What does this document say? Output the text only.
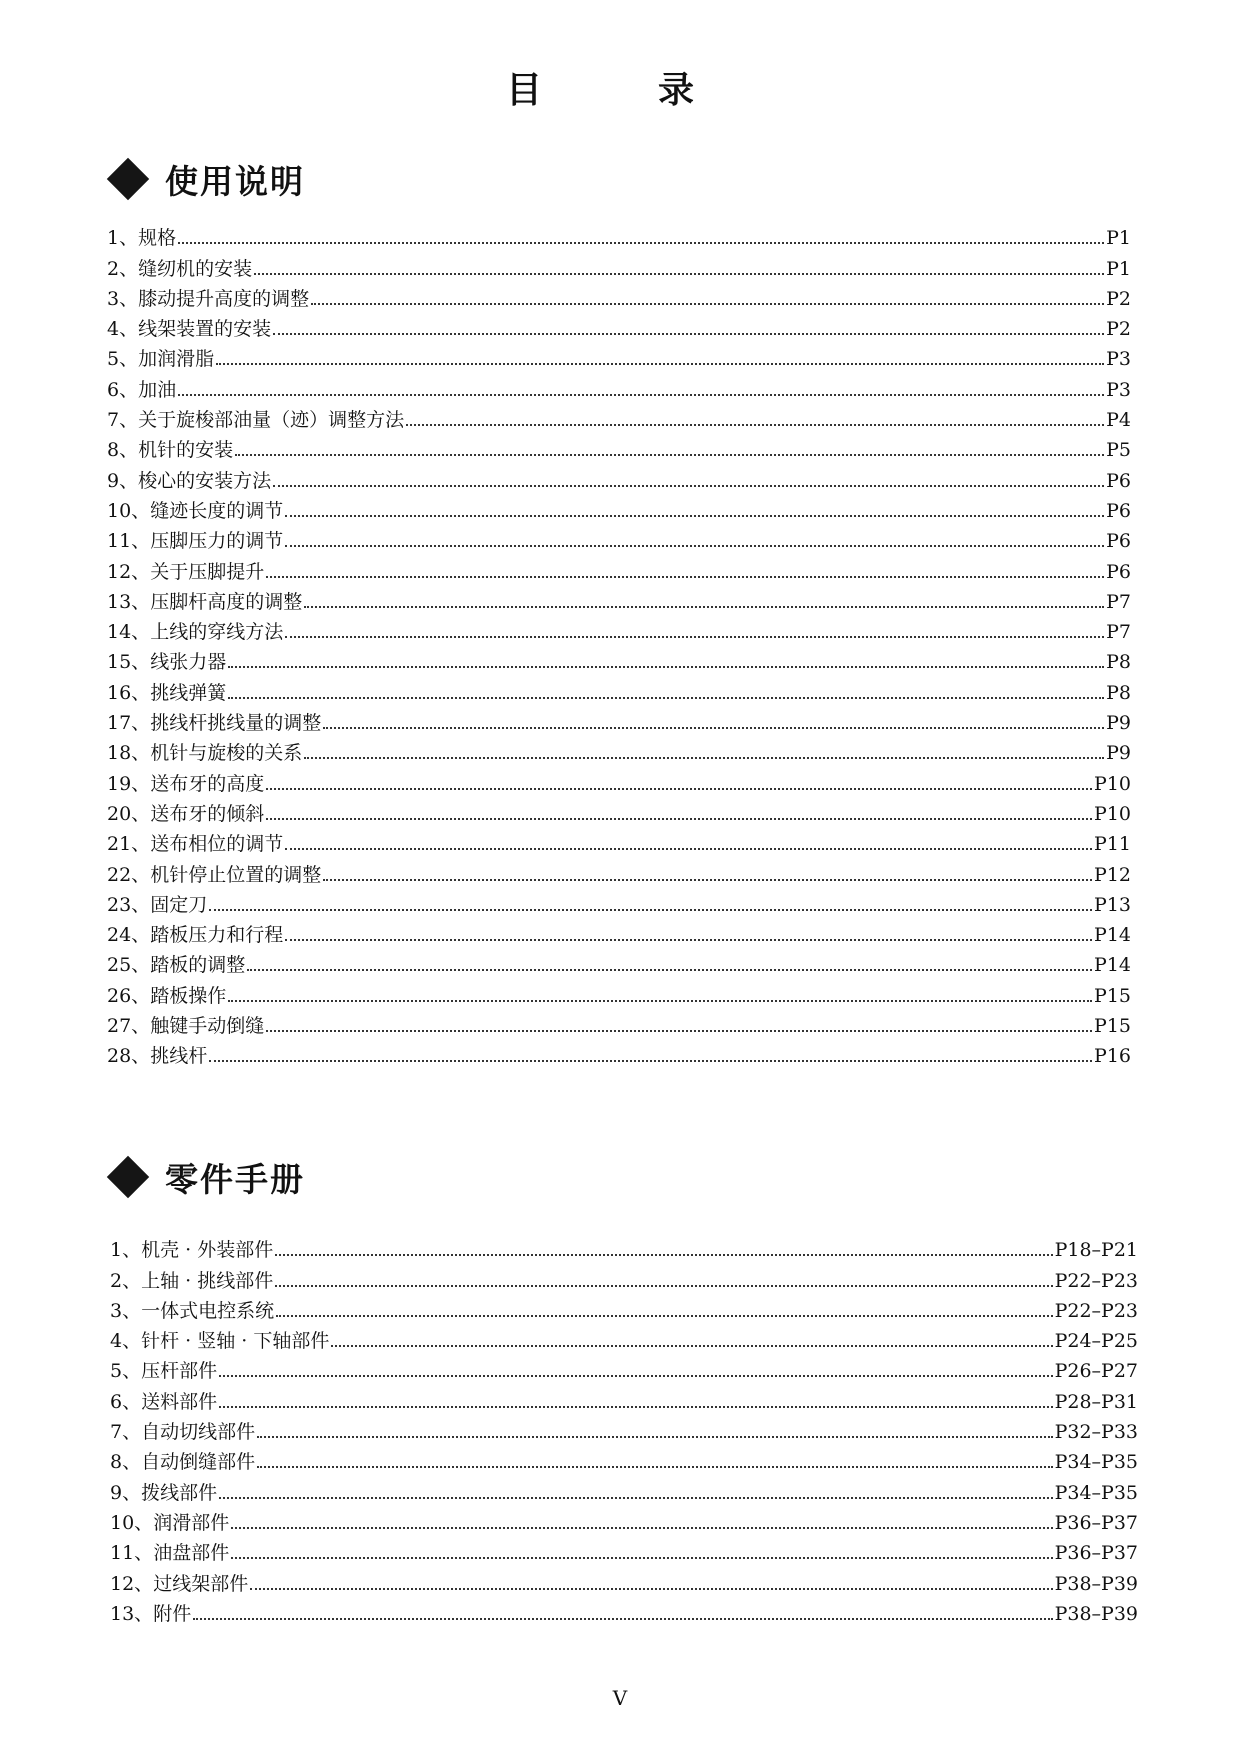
目　录
使用说明
1、 规格	P1
2、 缝纫机的安装	P1
3、 膝动提升高度的调整	P2
4、 线架装置的安装	P2
5、 加润滑脂	P3
6、 加油	P3
7、 关于旋梭部油量（迹）调整方法	P4
8、 机针的安装	P5
9、 梭心的安装方法	P6
10、 缝迹长度的调节	P6
11、 压脚压力的调节	P6
12、 关于压脚提升	P6
13、 压脚杆高度的调整	P7
14、 上线的穿线方法	P7
15、 线张力器	P8
16、 挑线弹簧	P8
17、 挑线杆挑线量的调整	P9
18、 机针与旋梭的关系	P9
19、 送布牙的高度	P10
20、 送布牙的倾斜	P10
21、 送布相位的调节	P11
22、 机针停止位置的调整	P12
23、 固定刀	P13
24、 踏板压力和行程	P14
25、 踏板的调整	P14
26、 踏板操作	P15
27、 触键手动倒缝	P15
28、 挑线杆	P16
零件手册
1、 机壳 · 外装部件	P18–P21
2、 上轴 · 挑线部件	P22–P23
3、 一体式电控系统	P22–P23
4、 针杆 · 竖轴 · 下轴部件	P24–P25
5、 压杆部件	P26–P27
6、 送料部件	P28–P31
7、 自动切线部件	P32–P33
8、 自动倒缝部件	P34–P35
9、 拨线部件	P34–P35
10、 润滑部件	P36–P37
11、 油盘部件	P36–P37
12、 过线架部件	P38–P39
13、 附件	P38–P39
V
